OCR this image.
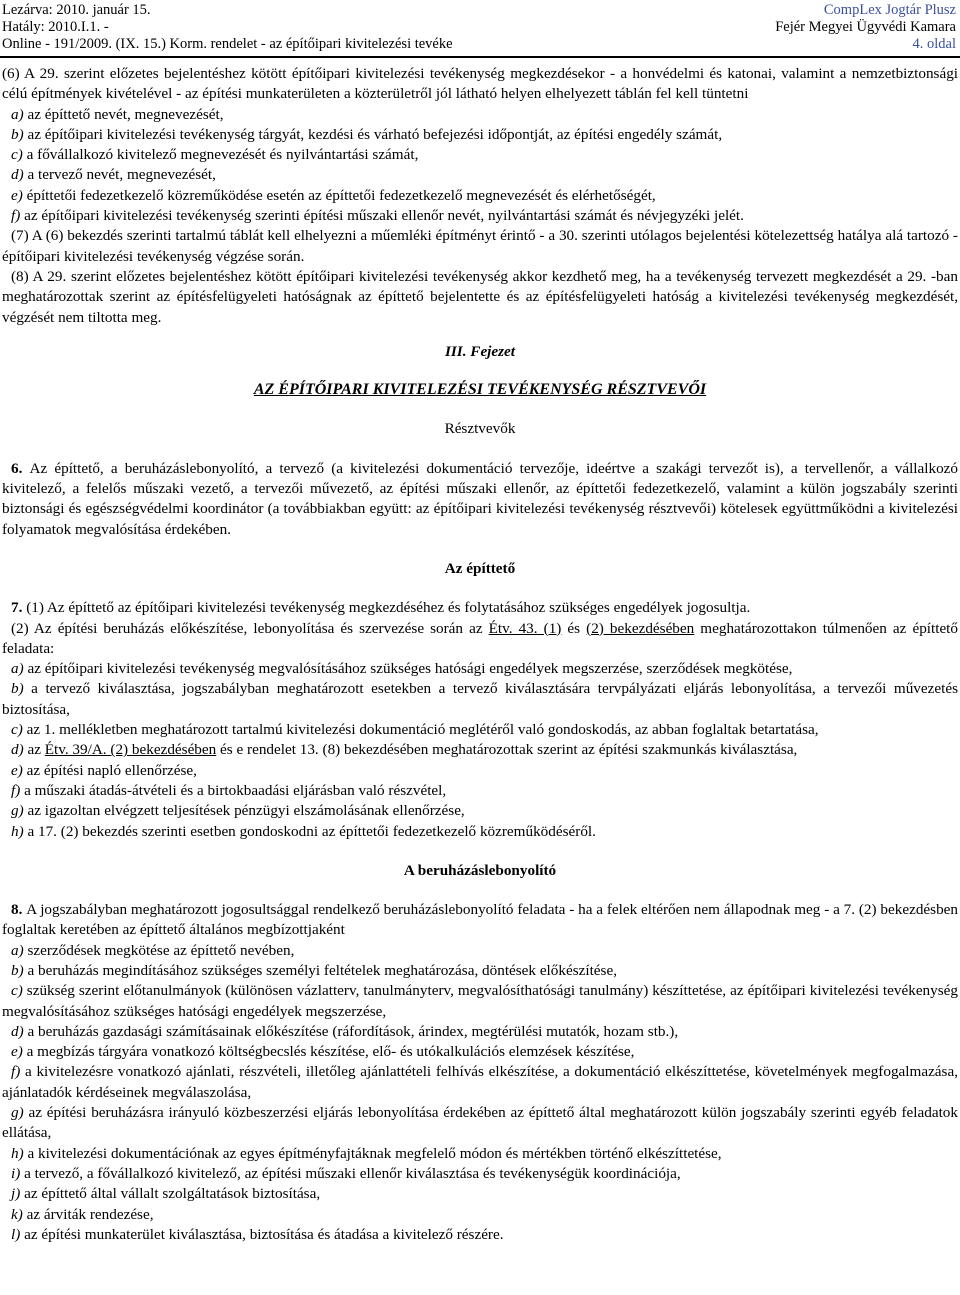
Lezárva: 2010. január 15.
Hatály: 2010.I.1. -
Online - 191/2009. (IX. 15.) Korm. rendelet - az építőipari kivitelezési tevéke
CompLex Jogtár Plusz
Fejér Megyei Ügyvédi Kamara
4. oldal

(6) A 29. szerint előzetes bejelentéshez kötött építőipari kivitelezési tevékenység megkezdésekor - a honvédelmi és katonai, valamint a nemzetbiztonsági célú építmények kivételével - az építési munkaterületen a közterületről jól látható helyen elhelyezett táblán fel kell tüntetni

a) az építtető nevét, megnevezését,

b) az építőipari kivitelezési tevékenység tárgyát, kezdési és várható befejezési időpontját, az építési engedély számát,

c) a fővállalkozó kivitelező megnevezését és nyilvántartási számát,

d) a tervező nevét, megnevezését,

e) építtetői fedezetkezelő közreműködése esetén az építtetői fedezetkezelő megnevezését és elérhetőségét,

f) az építőipari kivitelezési tevékenység szerinti építési műszaki ellenőr nevét, nyilvántartási számát és névjegyzéki jelét.

(7) A (6) bekezdés szerinti tartalmú táblát kell elhelyezni a műemléki építményt érintő - a 30. szerinti utólagos bejelentési kötelezettség hatálya alá tartozó - építőipari kivitelezési tevékenység végzése során.

(8) A 29. szerint előzetes bejelentéshez kötött építőipari kivitelezési tevékenység akkor kezdhető meg, ha a tevékenység tervezett megkezdését a 29. -ban meghatározottak szerint az építésfelügyeleti hatóságnak az építtető bejelentette és az építésfelügyeleti hatóság a kivitelezési tevékenység megkezdését, végzését nem tiltotta meg.

III. Fejezet

AZ ÉPÍTŐIPARI KIVITELEZÉSI TEVÉKENYSÉG RÉSZTVEVŐI

Résztvevők

6. Az építtető, a beruházáslebonyolító, a tervező (a kivitelezési dokumentáció tervezője, ideértve a szakági tervezőt is), a tervellenőr, a vállalkozó kivitelező, a felelős műszaki vezető, a tervezői művezető, az építési műszaki ellenőr, az építtetői fedezetkezelő, valamint a külön jogszabály szerinti biztonsági és egészségvédelmi koordinátor (a továbbiakban együtt: az építőipari kivitelezési tevékenység résztvevői) kötelesek együttműködni a kivitelezési folyamatok megvalósítása érdekében.

Az építtető

7. (1) Az építtető az építőipari kivitelezési tevékenység megkezdéséhez és folytatásához szükséges engedélyek jogosultja.

(2) Az építési beruházás előkészítése, lebonyolítása és szervezése során az Étv. 43. (1) és (2) bekezdésében meghatározottakon túlmenően az építtető feladata:

a) az építőipari kivitelezési tevékenység megvalósításához szükséges hatósági engedélyek megszerzése, szerződések megkötése,

b) a tervező kiválasztása, jogszabályban meghatározott esetekben a tervező kiválasztására tervpályázati eljárás lebonyolítása, a tervezői művezetés biztosítása,

c) az 1. mellékletben meghatározott tartalmú kivitelezési dokumentáció meglétéről való gondoskodás, az abban foglaltak betartatása,

d) az Étv. 39/A. (2) bekezdésében és e rendelet 13. (8) bekezdésében meghatározottak szerint az építési szakmunkás kiválasztása,

e) az építési napló ellenőrzése,

f) a műszaki átadás-átvételi és a birtokbaadási eljárásban való részvétel,

g) az igazoltan elvégzett teljesítések pénzügyi elszámolásának ellenőrzése,

h) a 17. (2) bekezdés szerinti esetben gondoskodni az építtetői fedezetkezelő közreműködéséről.

A beruházáslebonyolító

8. A jogszabályban meghatározott jogosultsággal rendelkező beruházáslebonyolító feladata - ha a felek eltérően nem állapodnak meg - a 7. (2) bekezdésben foglaltak keretében az építtető általános megbízottjaként

a) szerződések megkötése az építtető nevében,

b) a beruházás megindításához szükséges személyi feltételek meghatározása, döntések előkészítése,

c) szükség szerint előtanulmányok (különösen vázlatterv, tanulmányterv, megvalósíthatósági tanulmány) készíttetése, az építőipari kivitelezési tevékenység megvalósításához szükséges hatósági engedélyek megszerzése,

d) a beruházás gazdasági számításainak előkészítése (ráfordítások, árindex, megtérülési mutatók, hozam stb.),

e) a megbízás tárgyára vonatkozó költségbecslés készítése, elő- és utókalkulációs elemzések készítése,

f) a kivitelezésre vonatkozó ajánlati, részvételi, illetőleg ajánlattételi felhívás elkészítése, a dokumentáció elkészíttetése, követelmények megfogalmazása, ajánlatadók kérdéseinek megválaszolása,

g) az építési beruházásra irányuló közbeszerzési eljárás lebonyolítása érdekében az építtető által meghatározott külön jogszabály szerinti egyéb feladatok ellátása,

h) a kivitelezési dokumentációnak az egyes építményfajtáknak megfelelő módon és mértékben történő elkészíttetése,

i) a tervező, a fővállalkozó kivitelező, az építési műszaki ellenőr kiválasztása és tevékenységük koordinációja,

j) az építtető által vállalt szolgáltatások biztosítása,

k) az árviták rendezése,

l) az építési munkaterület kiválasztása, biztosítása és átadása a kivitelező részére.
